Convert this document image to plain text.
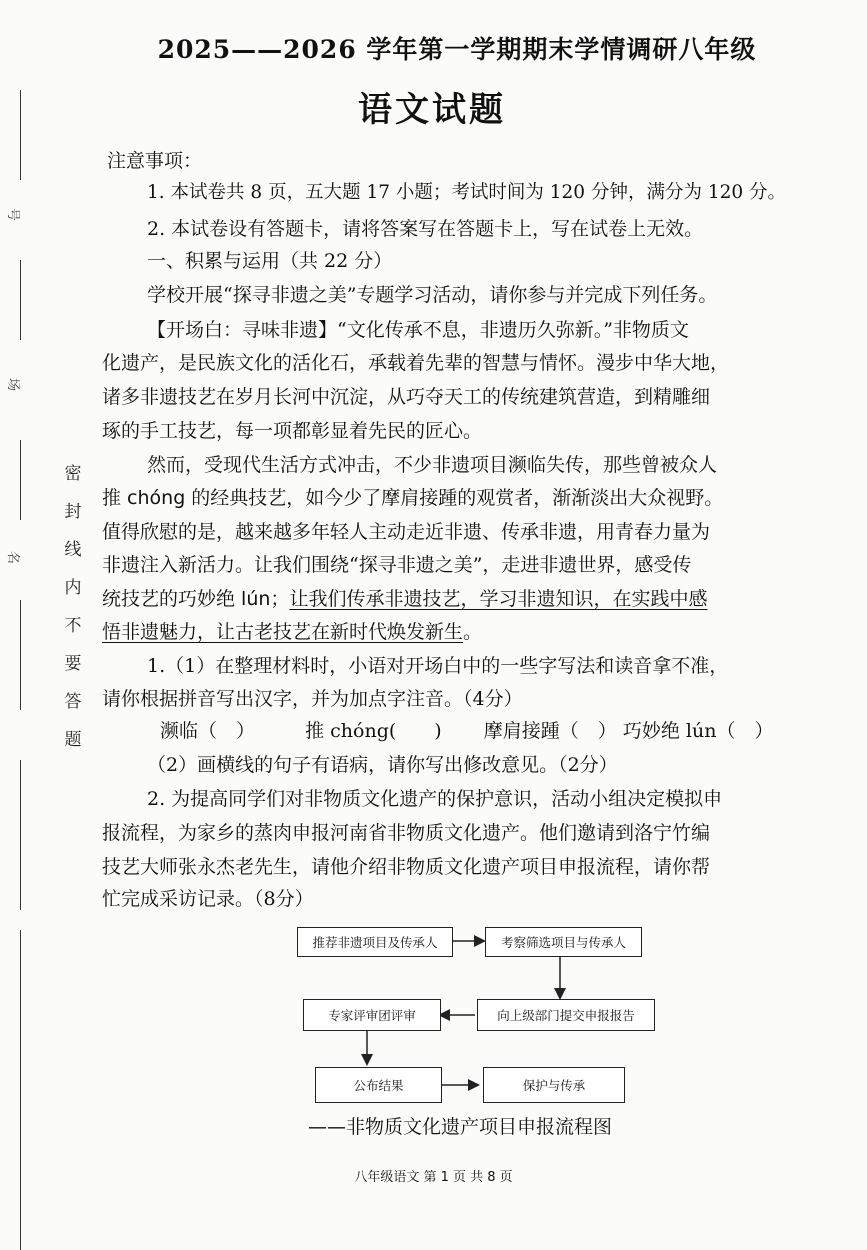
号
场
名
密
封
线
内
不
要
答
题
2025——2026 学年第一学期期末学情调研八年级
语文试题
注意事项：
1. 本试卷共 8 页，五大题 17 小题；考试时间为 120 分钟，满分为 120 分。
2. 本试卷设有答题卡，请将答案写在答题卡上，写在试卷上无效。
一、积累与运用（共 22 分）
学校开展“探寻非遗之美”专题学习活动，请你参与并完成下列任务。
【开场白：寻味非遗】“文化传承不息，非遗历久弥新。”非物质文
化遗产，是民族文化的活化石，承载着先辈的智慧与情怀。漫步中华大地，
诸多非遗技艺在岁月长河中沉淀，从巧夺天工的传统建筑营造，到精雕细
琢的手工技艺，每一项都彰显着先民的匠心。
然而，受现代生活方式冲击，不少非遗项目濒临失传，那些曾被众人
推 chóng 的经典技艺，如今少了摩肩接踵的观赏者，渐渐淡出大众视野。
值得欣慰的是，越来越多年轻人主动走近非遗、传承非遗，用青春力量为
非遗注入新活力。让我们围绕“探寻非遗之美”，走进非遗世界，感受传
统技艺的巧妙绝 lún；让我们传承非遗技艺，学习非遗知识，在实践中感
悟非遗魅力，让古老技艺在新时代焕发新生。
1.（1）在整理材料时，小语对开场白中的一些字写法和读音拿不准，
请你根据拼音写出汉字，并为加点字注音。（4分）
濒临（　）	推 chóng(　　) 摩肩接踵（　） 巧妙绝 lún（　）
（2）画横线的句子有语病，请你写出修改意见。（2分）
2. 为提高同学们对非物质文化遗产的保护意识，活动小组决定模拟申
报流程，为家乡的蒸肉申报河南省非物质文化遗产。他们邀请到洛宁竹编
技艺大师张永杰老先生，请他介绍非物质文化遗产项目申报流程，请你帮
忙完成采访记录。（8分）
推荐非遗项目及传承人	考察筛选项目与传承人
向上级部门提交申报报告
专家评审团评审
公布结果	保护与传承
——非物质文化遗产项目申报流程图
八年级语文 第 1 页 共 8 页
